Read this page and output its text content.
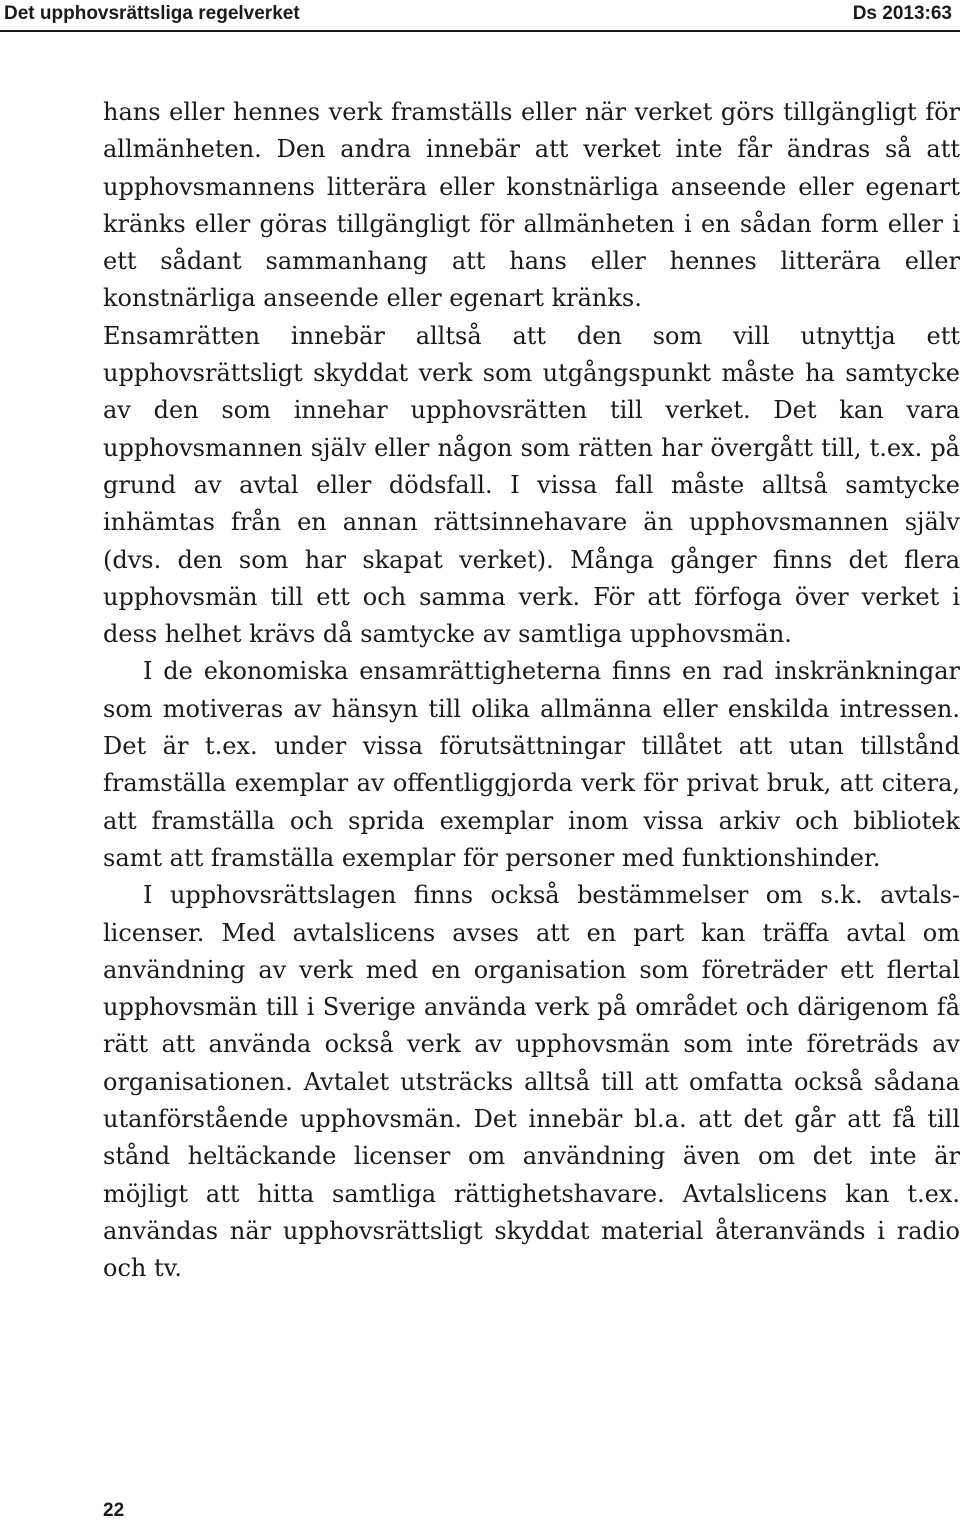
Det upphovsrättsliga regelverket	Ds 2013:63

hans eller hennes verk framställs eller när verket görs tillgängligt för allmänheten. Den andra innebär att verket inte får ändras så att upphovsmannens litterära eller konstnärliga anseende eller egenart kränks eller göras tillgängligt för allmänheten i en sådan form eller i ett sådant sammanhang att hans eller hennes litterära eller konstnärliga anseende eller egenart kränks.

Ensamrätten innebär alltså att den som vill utnyttja ett upphovsrättsligt skyddat verk som utgångspunkt måste ha samtycke av den som innehar upphovsrätten till verket. Det kan vara upphovsmannen själv eller någon som rätten har övergått till, t.ex. på grund av avtal eller dödsfall. I vissa fall måste alltså samtycke inhämtas från en annan rättsinnehavare än upphovsmannen själv (dvs. den som har skapat verket). Många gånger finns det flera upphovsmän till ett och samma verk. För att förfoga över verket i dess helhet krävs då samtycke av samtliga upphovsmän.

I de ekonomiska ensamrättigheterna finns en rad inskränkningar som motiveras av hänsyn till olika allmänna eller enskilda intressen. Det är t.ex. under vissa förutsättningar tillåtet att utan tillstånd framställa exemplar av offentliggjorda verk för privat bruk, att citera, att framställa och sprida exemplar inom vissa arkiv och bibliotek samt att framställa exemplar för personer med funktionshinder.

I upphovsrättslagen finns också bestämmelser om s.k. avtalslicenser. Med avtalslicens avses att en part kan träffa avtal om användning av verk med en organisation som företräder ett flertal upphovsmän till i Sverige använda verk på området och därigenom få rätt att använda också verk av upphovsmän som inte företräds av organisationen. Avtalet utsträcks alltså till att omfatta också sådana utanförstående upphovsmän. Det innebär bl.a. att det går att få till stånd heltäckande licenser om användning även om det inte är möjligt att hitta samtliga rättighetshavare. Avtalslicens kan t.ex. användas när upphovsrättsligt skyddat material återanvänds i radio och tv.

22
